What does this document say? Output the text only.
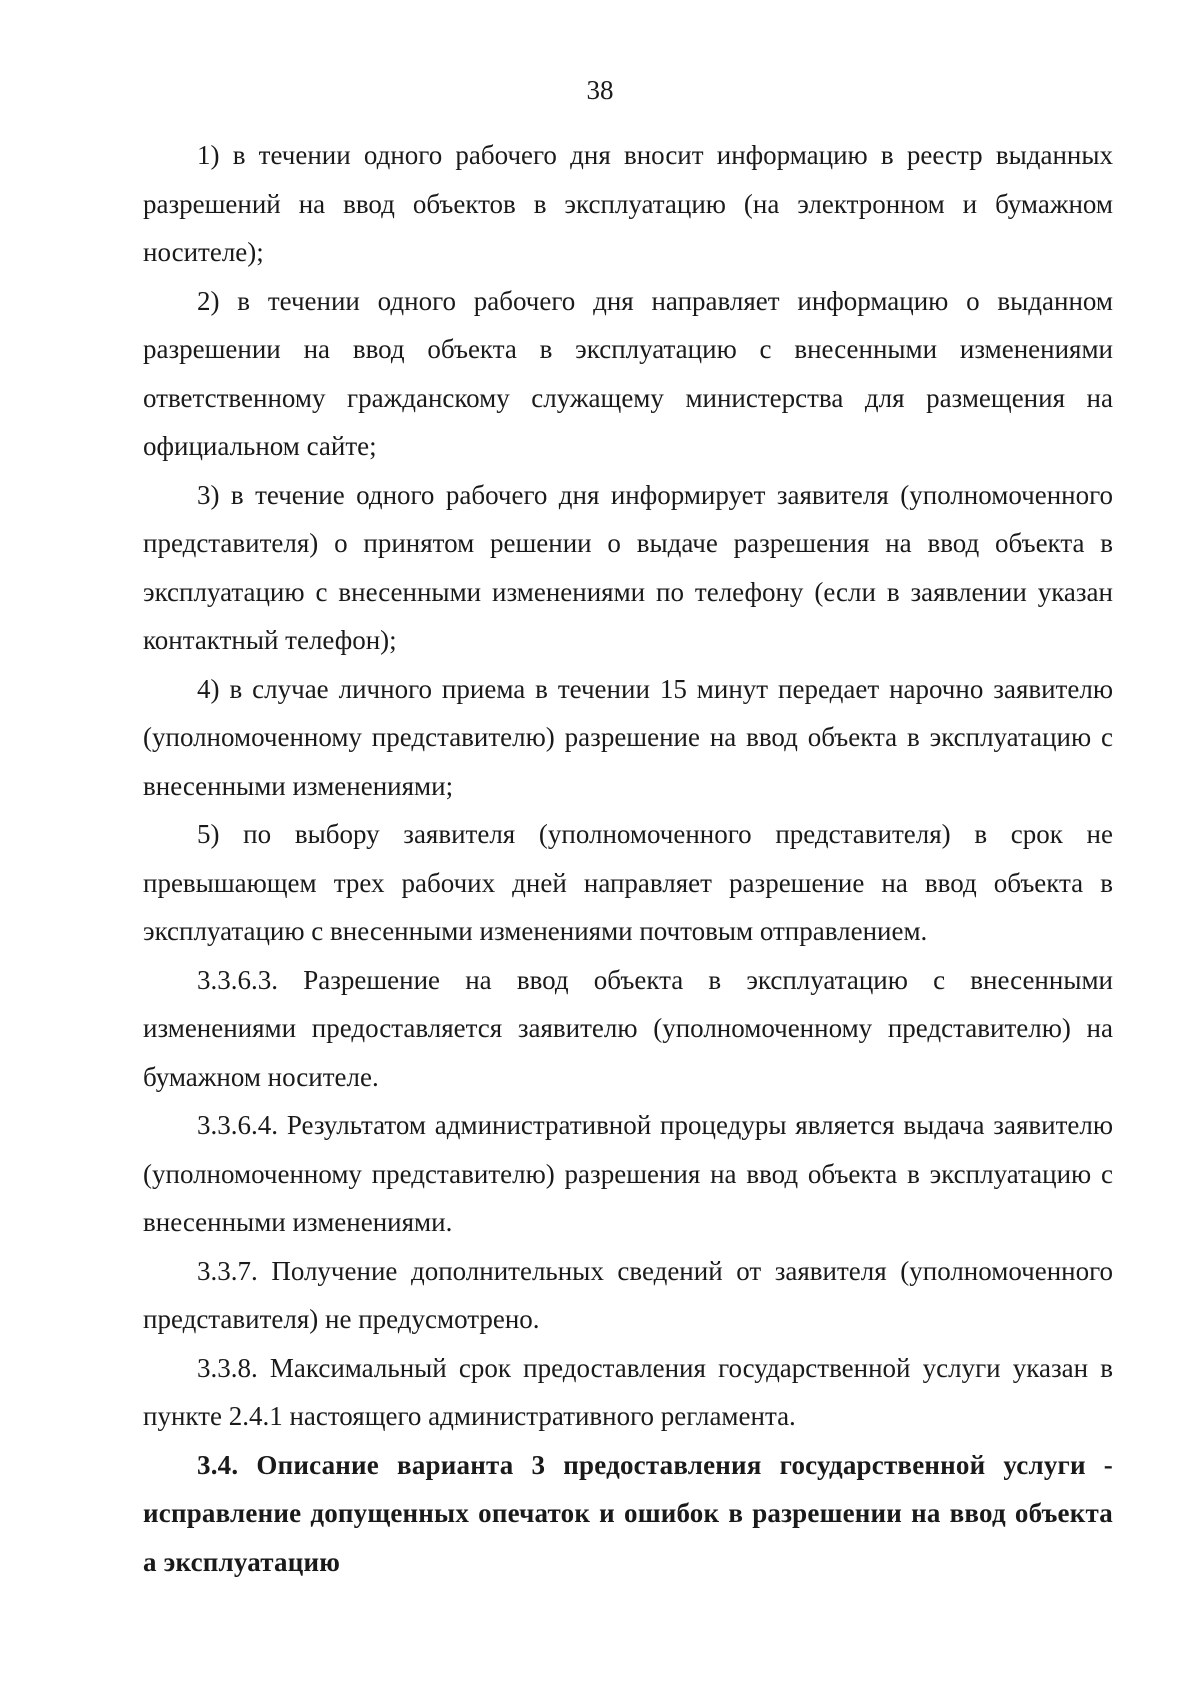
38

1) в течении одного рабочего дня вносит информацию в реестр выданных разрешений на ввод объектов в эксплуатацию (на электронном и бумажном носителе);

2) в течении одного рабочего дня направляет информацию о выданном разрешении на ввод объекта в эксплуатацию с внесенными изменениями ответственному гражданскому служащему министерства для размещения на официальном сайте;

3) в течение одного рабочего дня информирует заявителя (уполномоченного представителя) о принятом решении о выдаче разрешения на ввод объекта в эксплуатацию с внесенными изменениями по телефону (если в заявлении указан контактный телефон);

4) в случае личного приема в течении 15 минут передает нарочно заявителю (уполномоченному представителю) разрешение на ввод объекта в эксплуатацию с внесенными изменениями;

5) по выбору заявителя (уполномоченного представителя) в срок не превышающем трех рабочих дней направляет разрешение на ввод объекта в эксплуатацию с внесенными изменениями почтовым отправлением.

3.3.6.3. Разрешение на ввод объекта в эксплуатацию с внесенными изменениями предоставляется заявителю (уполномоченному представителю) на бумажном носителе.

3.3.6.4. Результатом административной процедуры является выдача заявителю (уполномоченному представителю) разрешения на ввод объекта в эксплуатацию с внесенными изменениями.

3.3.7. Получение дополнительных сведений от заявителя (уполномоченного представителя) не предусмотрено.

3.3.8. Максимальный срок предоставления государственной услуги указан в пункте 2.4.1 настоящего административного регламента.

3.4. Описание варианта 3 предоставления государственной услуги - исправление допущенных опечаток и ошибок в разрешении на ввод объекта а эксплуатацию
